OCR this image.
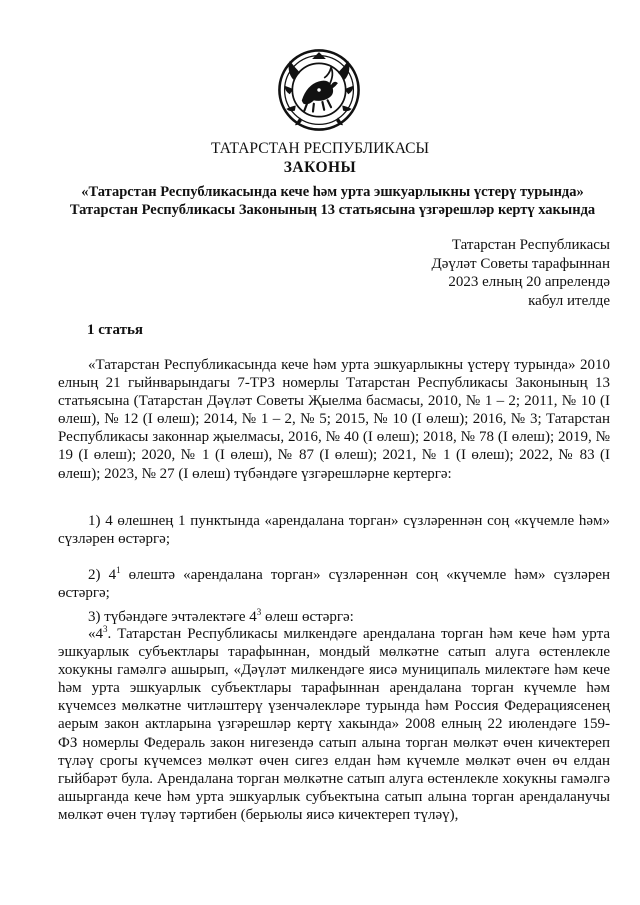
ТАТАРСТАН РЕСПУБЛИКАСЫ
ЗАКОНЫ
«Татарстан Республикасында кече һәм урта эшкуарлыкны үстерү турында»
Татарстан Республикасы Законының 13 статьясына үзгәрешләр кертү хакында
Татарстан Республикасы
Дәүләт Советы тарафыннан
2023 елның 20 апрелендә
кабул ителде
1 статья
«Татарстан Республикасында кече һәм урта эшкуарлыкны үстерү турында» 2010 елның 21 гыйнварындагы 7-ТРЗ номерлы Татарстан Республикасы Законының 13 статьясына (Татарстан Дәүләт Советы Җыелма басмасы, 2010, № 1 – 2; 2011, № 10 (I өлеш), № 12 (I өлеш); 2014, № 1 – 2, № 5; 2015, № 10 (I өлеш); 2016, № 3; Татарстан Республикасы законнар җыелмасы, 2016, № 40 (I өлеш); 2018, № 78 (I өлеш); 2019, № 19 (I өлеш); 2020, № 1 (I өлеш), № 87 (I өлеш); 2021, № 1 (I өлеш); 2022, № 83 (I өлеш); 2023, № 27 (I өлеш) түбәндәге үзгәрешләрне кертергә:
1) 4 өлешнең 1 пунктында «арендалана торган» сүзләреннән соң «күчемле һәм» сүзләрен өстәргә;
2) $4^1$ өлештә «арендалана торган» сүзләреннән соң «күчемле һәм» сүзләрен өстәргә;
3) түбәндәге эчтәлектәге $4^3$ өлеш өстәргә:
«$4^3$. Татарстан Республикасы милкендәге арендалана торган һәм кече һәм урта эшкуарлык субъектлары тарафыннан, мондый мөлкәтне сатып алуга өстенлекле хокукны гамәлгә ашырып, «Дәүләт милкендәге яисә муниципаль милектәге һәм кече һәм урта эшкуарлык субъектлары тарафыннан арендалана торган күчемле һәм күчемсез мөлкәтне читләштерү үзенчәлекләре турында һәм Россия Федерациясенең аерым закон актларына үзгәрешләр кертү хакында» 2008 елның 22 июлендәге 159- ФЗ номерлы Федераль закон нигезендә сатып алына торган мөлкәт өчен кичектереп түләү срогы күчемсез мөлкәт өчен сигез елдан һәм күчемле мөлкәт өчен өч елдан гыйбарәт була. Арендалана торган мөлкәтне сатып алуга өстенлекле хокукны гамәлгә ашырганда кече һәм урта эшкуарлык субъектына сатып алына торган арендаланучы мөлкәт өчен түләү тәртибен (берьюлы яисә кичектереп түләү),
